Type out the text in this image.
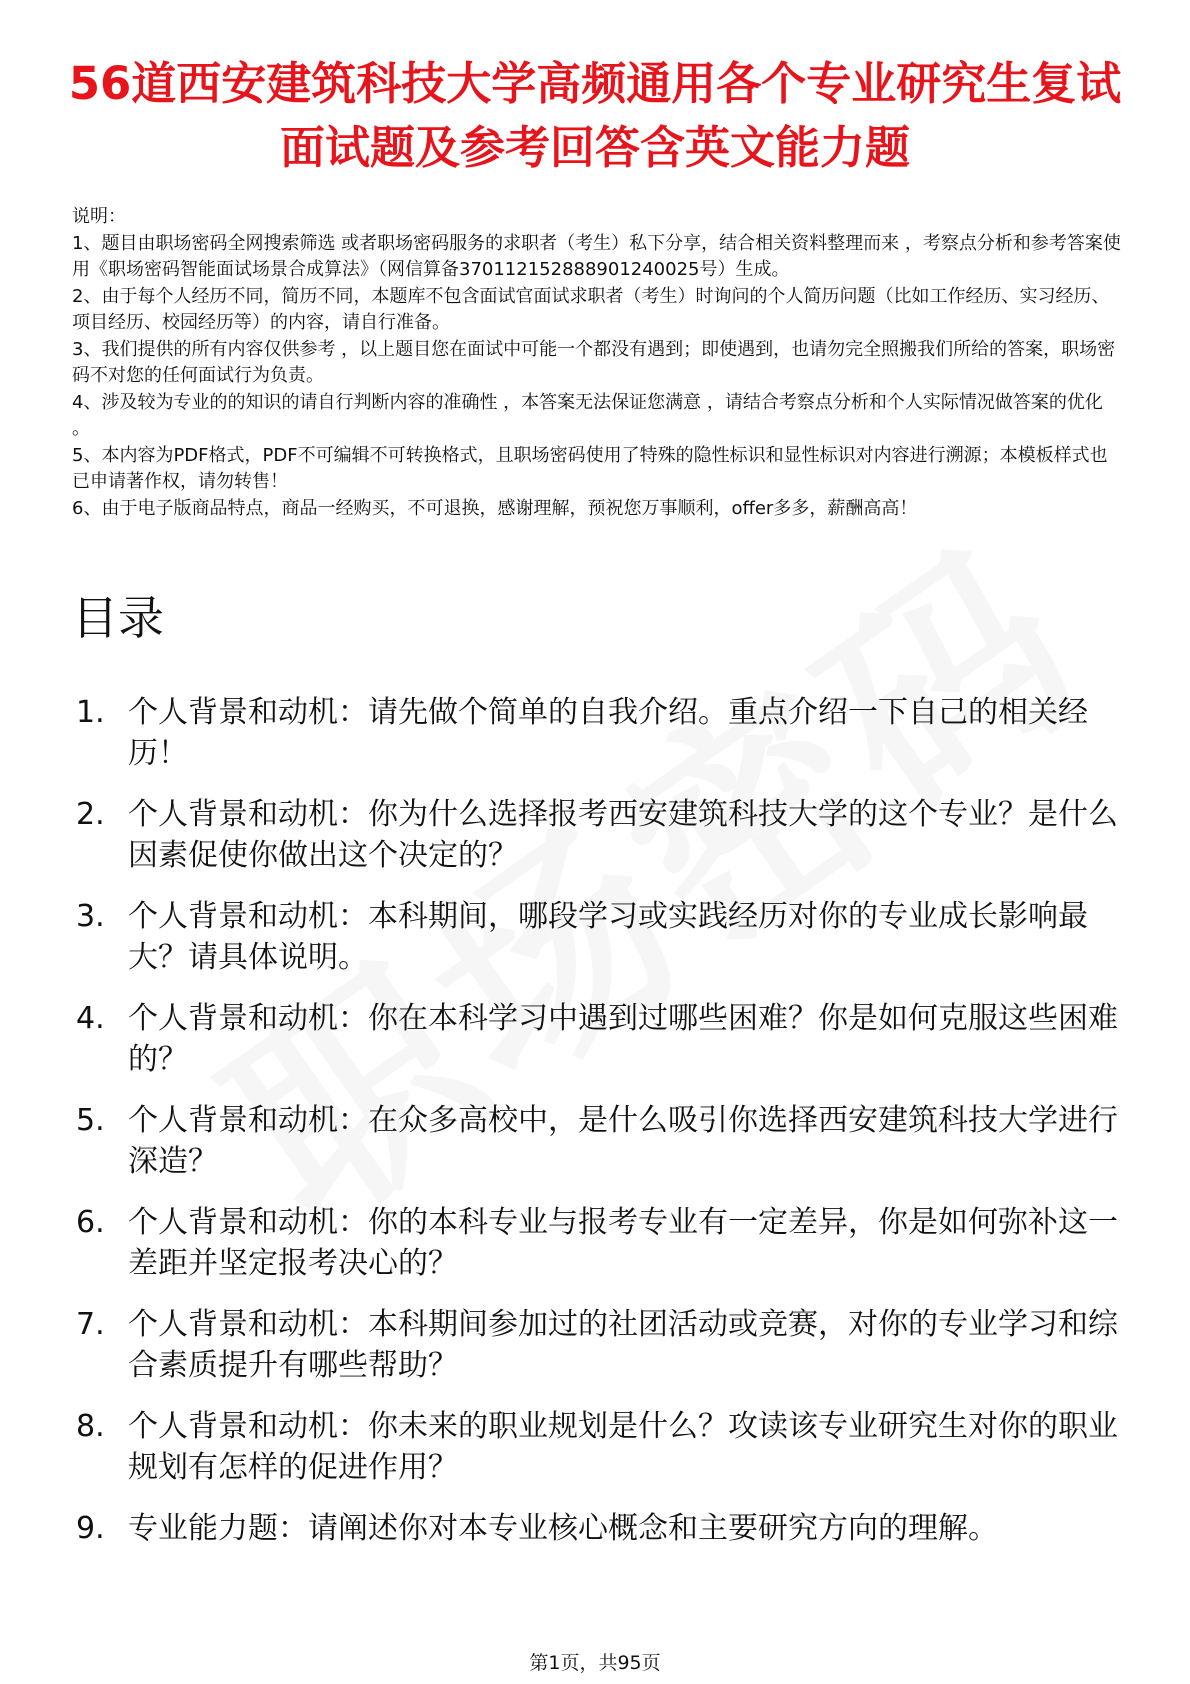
56道西安建筑科技大学高频通用各个专业研究生复试面试题及参考回答含英文能力题

说明：

1、题目由职场密码全网搜索筛选 或者职场密码服务的求职者（考生）私下分享，结合相关资料整理而来 ，考察点分析和参考答案使用《职场密码智能面试场景合成算法》（网信算备370112152888901240025号）生成。

2、由于每个人经历不同，简历不同，本题库不包含面试官面试求职者（考生）时询问的个人简历问题（比如工作经历、实习经历、项目经历、校园经历等）的内容，请自行准备。

3、我们提供的所有内容仅供参考 ，以上题目您在面试中可能一个都没有遇到；即使遇到，也请勿完全照搬我们所给的答案，职场密码不对您的任何面试行为负责。

4、涉及较为专业的的知识的请自行判断内容的准确性 ，本答案无法保证您满意 ，请结合考察点分析和个人实际情况做答案的优化 。

5、本内容为PDF格式，PDF不可编辑不可转换格式，且职场密码使用了特殊的隐性标识和显性标识对内容进行溯源；本模板样式也已申请著作权，请勿转售！

6、由于电子版商品特点，商品一经购买，不可退换，感谢理解，预祝您万事顺利，offer多多，薪酬高高！

目录
1. 个人背景和动机：请先做个简单的自我介绍。重点介绍一下自己的相关经历！
2. 个人背景和动机：你为什么选择报考西安建筑科技大学的这个专业？是什么因素促使你做出这个决定的？
3. 个人背景和动机：本科期间，哪段学习或实践经历对你的专业成长影响最大？请具体说明。
4. 个人背景和动机：你在本科学习中遇到过哪些困难？你是如何克服这些困难的？
5. 个人背景和动机：在众多高校中，是什么吸引你选择西安建筑科技大学进行深造？
6. 个人背景和动机：你的本科专业与报考专业有一定差异，你是如何弥补这一差距并坚定报考决心的？
7. 个人背景和动机：本科期间参加过的社团活动或竞赛，对你的专业学习和综合素质提升有哪些帮助？
8. 个人背景和动机：你未来的职业规划是什么？攻读该专业研究生对你的职业规划有怎样的促进作用？
9. 专业能力题：请阐述你对本专业核心概念和主要研究方向的理解。
第1页，共95页
